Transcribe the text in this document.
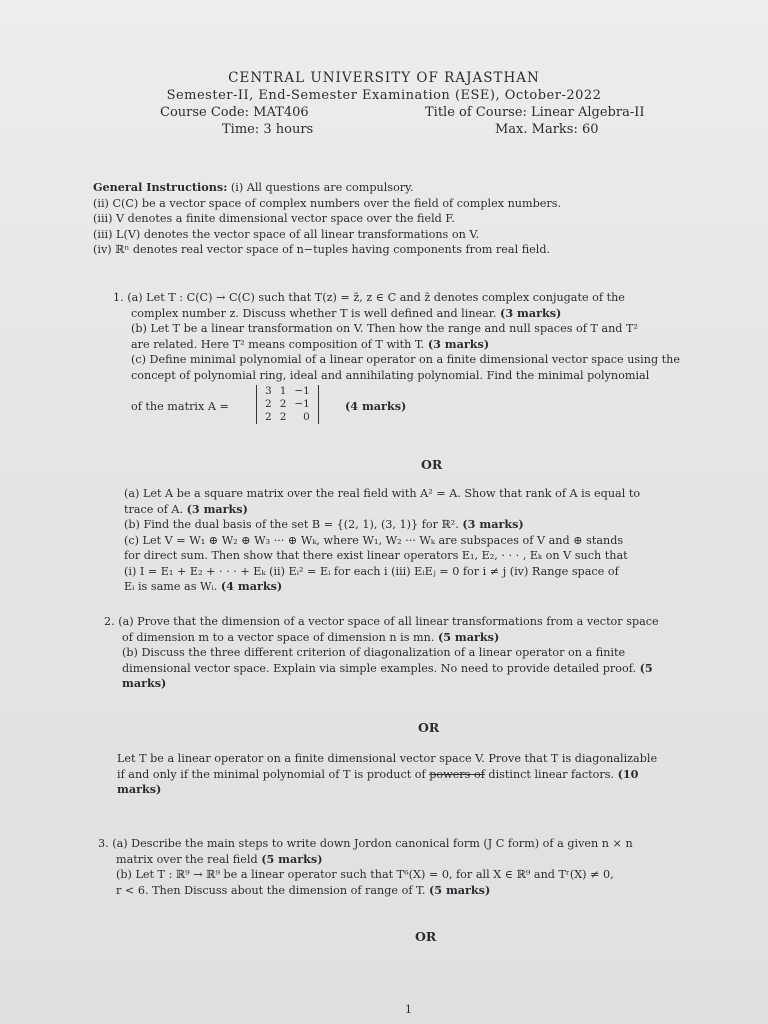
CENTRAL UNIVERSITY OF RAJASTHAN
Semester-II, End-Semester Examination (ESE), October-2022
Course Code: MAT406	Title of Course: Linear Algebra-II
Time: 3 hours	Max. Marks: 60

General Instructions: (i) All questions are compulsory.

(ii) C(C) be a vector space of complex numbers over the field of complex numbers.

(iii) V denotes a finite dimensional vector space over the field F.

(iii) L(V) denotes the vector space of all linear transformations on V.

(iv) ℝⁿ denotes real vector space of n−tuples having components from real field.

1. (a) Let T : C(C) → C(C) such that T(z) = z̄, z ∈ C and z̄ denotes complex conjugate of the

complex number z. Discuss whether T is well defined and linear. (3 marks)

(b) Let T be a linear transformation on V. Then how the range and null spaces of T and T²

are related. Here T² means composition of T with T. (3 marks)

(c) Define minimal polynomial of a linear operator on a finite dimensional vector space using the

concept of polynomial ring, ideal and annihilating polynomial. Find the minimal polynomial

of the matrix A =
3	1	−1
2	2	−1
2	2	0
(4 marks)
OR

(a) Let A be a square matrix over the real field with A² = A. Show that rank of A is equal to

trace of A. (3 marks)

(b) Find the dual basis of the set B = {(2, 1), (3, 1)} for ℝ². (3 marks)

(c) Let V = W₁ ⊕ W₂ ⊕ W₃ ··· ⊕ Wₖ, where W₁, W₂ ··· Wₖ are subspaces of V and ⊕ stands

for direct sum. Then show that there exist linear operators E₁, E₂, · · · , Eₖ on V such that

(i) I = E₁ + E₂ + · · · + Eₖ (ii) Eᵢ² = Eᵢ for each i (iii) EᵢEⱼ = 0 for i ≠ j (iv) Range space of

Eᵢ is same as Wᵢ. (4 marks)

2. (a) Prove that the dimension of a vector space of all linear transformations from a vector space

of dimension m to a vector space of dimension n is mn. (5 marks)

(b) Discuss the three different criterion of diagonalization of a linear operator on a finite

dimensional vector space. Explain via simple examples. No need to provide detailed proof. (5

marks)

OR

Let T be a linear operator on a finite dimensional vector space V. Prove that T is diagonalizable

if and only if the minimal polynomial of T is product of powers of distinct linear factors. (10

marks)

3. (a) Describe the main steps to write down Jordon canonical form (J C form) of a given n × n

matrix over the real field (5 marks)

(b) Let T : ℝ⁹ → ℝ⁹ be a linear operator such that T⁶(X) = 0, for all X ∈ ℝ⁹ and Tʳ(X) ≠ 0,

r < 6. Then Discuss about the dimension of range of T. (5 marks)

OR
1
